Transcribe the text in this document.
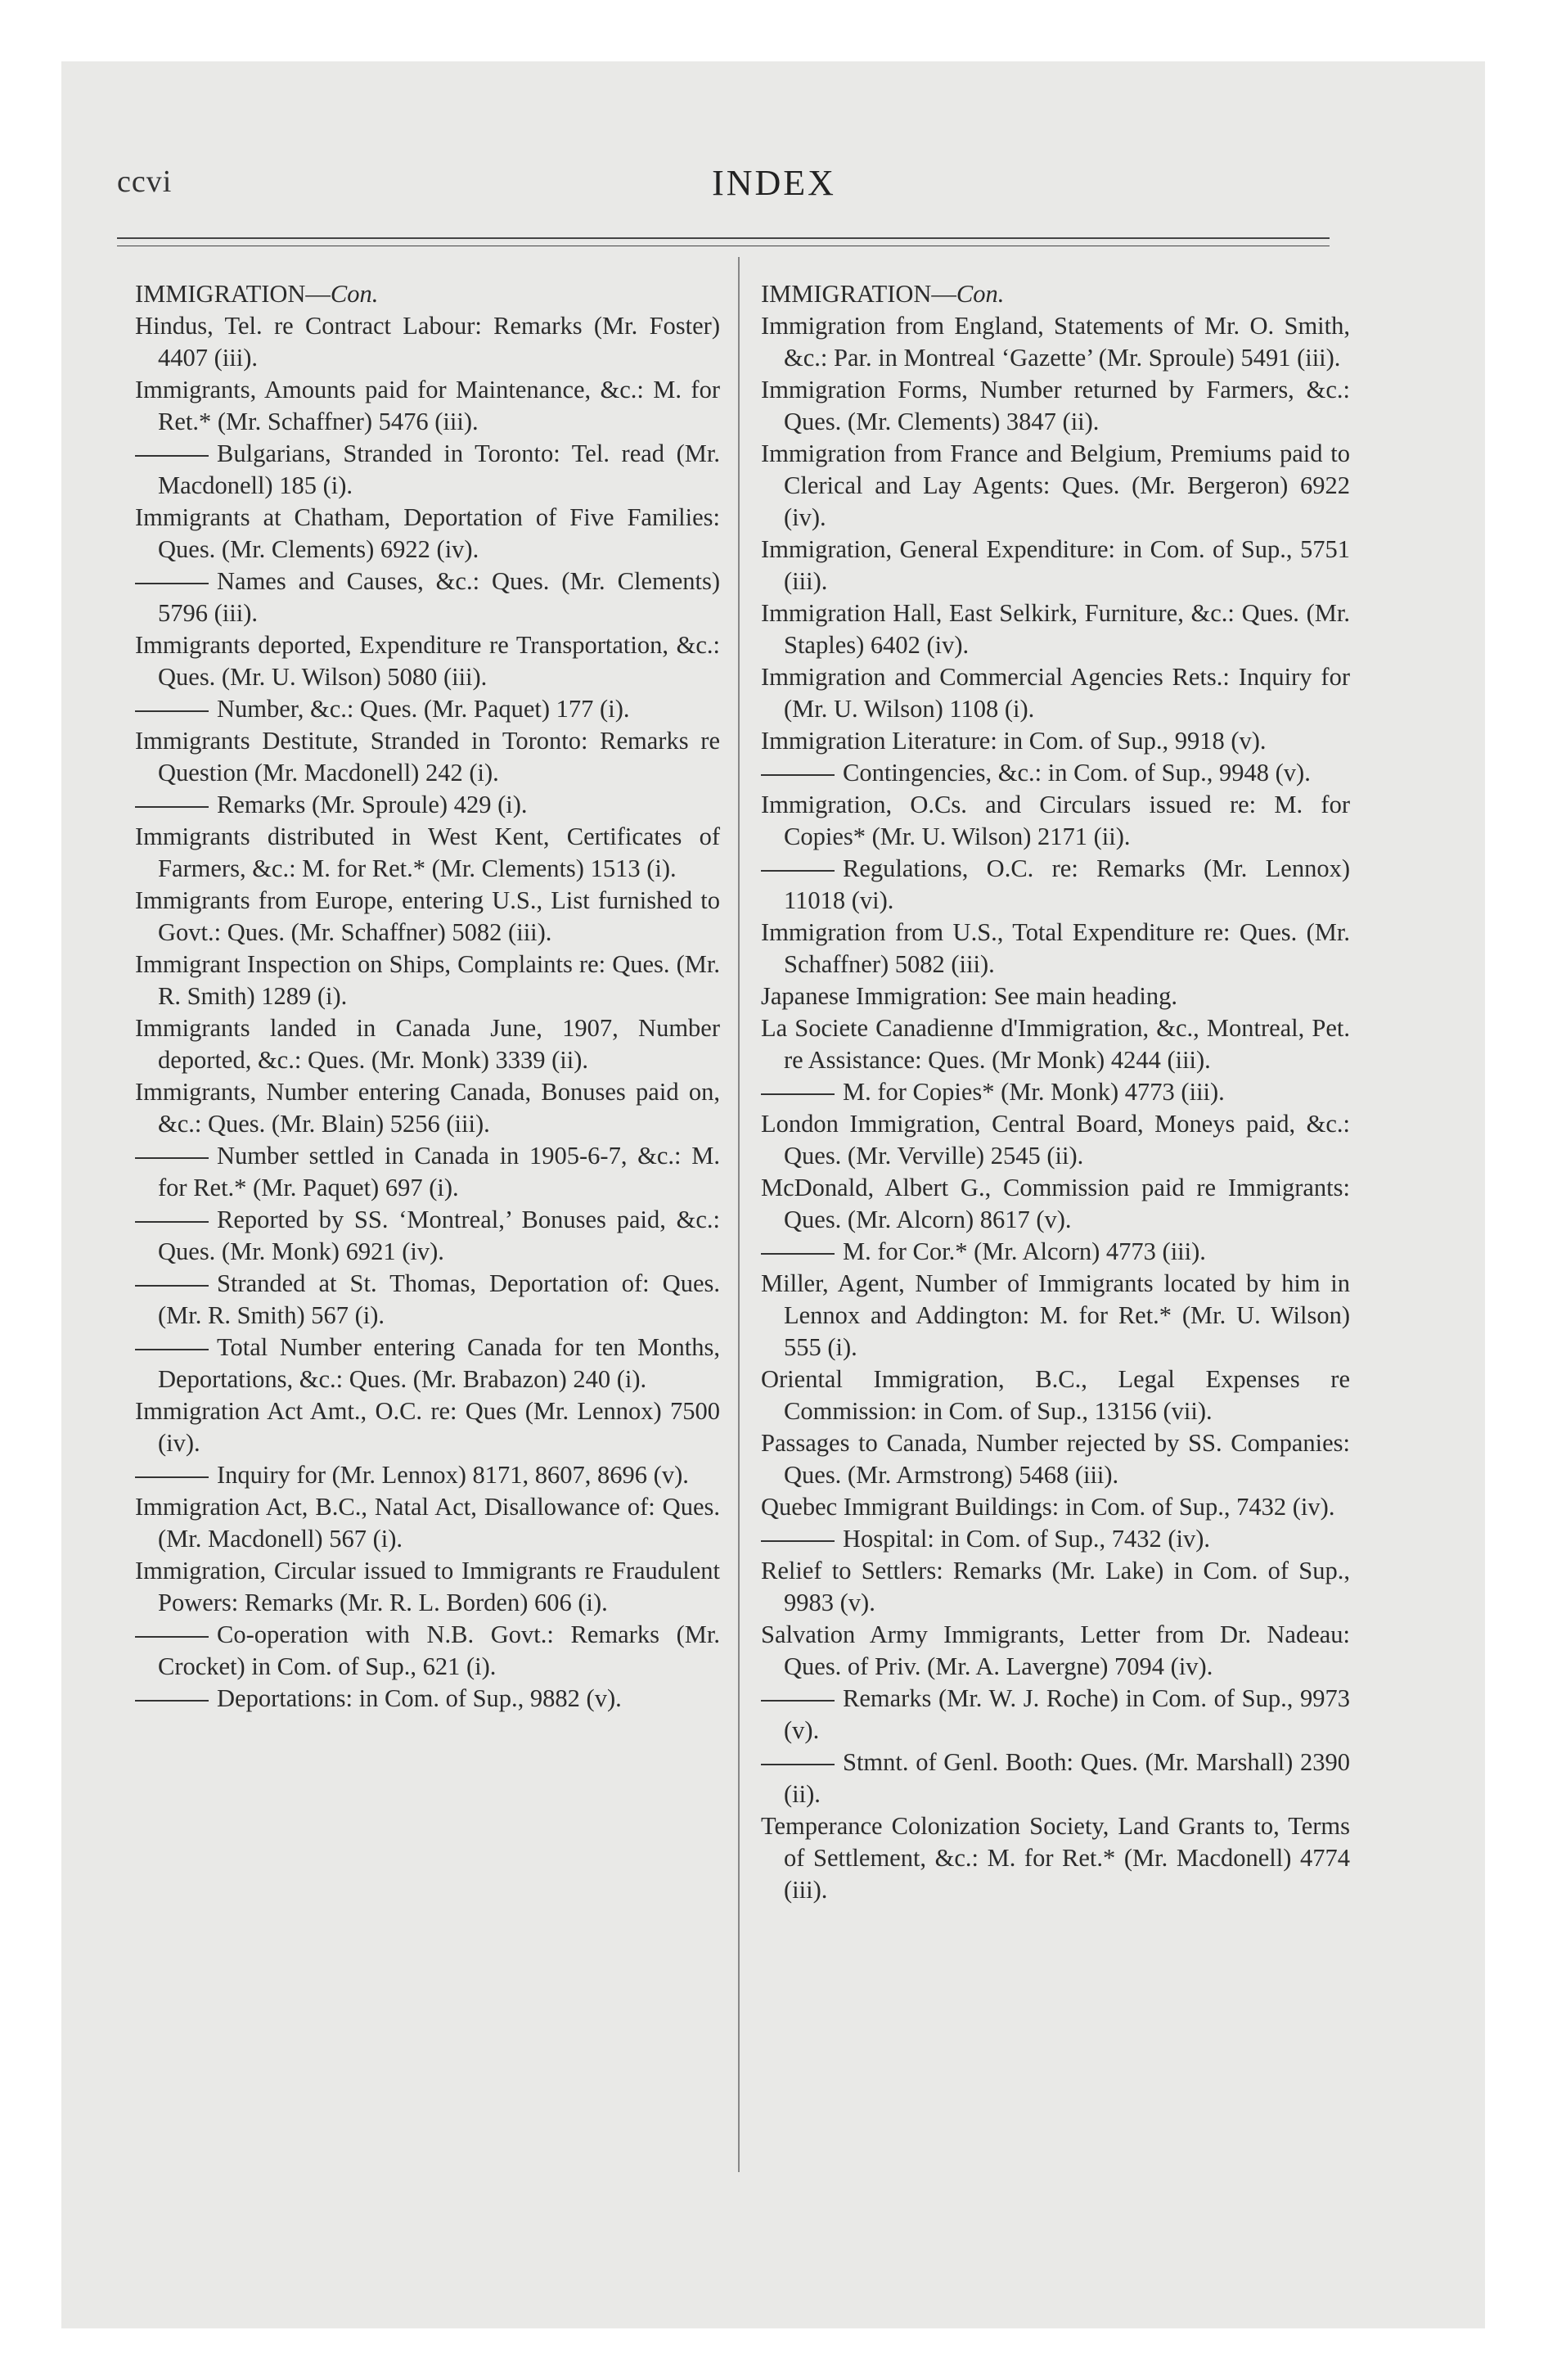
ccvi	INDEX
IMMIGRATION—Con.
Hindus, Tel. re Contract Labour: Remarks (Mr. Foster) 4407 (iii).
Immigrants, Amounts paid for Maintenance, &c.: M. for Ret.* (Mr. Schaffner) 5476 (iii).
Bulgarians, Stranded in Toronto: Tel. read (Mr. Macdonell) 185 (i).
Immigrants at Chatham, Deportation of Five Families: Ques. (Mr. Clements) 6922 (iv).
Names and Causes, &c.: Ques. (Mr. Clements) 5796 (iii).
Immigrants deported, Expenditure re Transportation, &c.: Ques. (Mr. U. Wilson) 5080 (iii).
Number, &c.: Ques. (Mr. Paquet) 177 (i).
Immigrants Destitute, Stranded in Toronto: Remarks re Question (Mr. Macdonell) 242 (i).
Remarks (Mr. Sproule) 429 (i).
Immigrants distributed in West Kent, Certificates of Farmers, &c.: M. for Ret.* (Mr. Clements) 1513 (i).
Immigrants from Europe, entering U.S., List furnished to Govt.: Ques. (Mr. Schaffner) 5082 (iii).
Immigrant Inspection on Ships, Complaints re: Ques. (Mr. R. Smith) 1289 (i).
Immigrants landed in Canada June, 1907, Number deported, &c.: Ques. (Mr. Monk) 3339 (ii).
Immigrants, Number entering Canada, Bonuses paid on, &c.: Ques. (Mr. Blain) 5256 (iii).
Number settled in Canada in 1905-6-7, &c.: M. for Ret.* (Mr. Paquet) 697 (i).
Reported by SS. ‘Montreal,’ Bonuses paid, &c.: Ques. (Mr. Monk) 6921 (iv).
Stranded at St. Thomas, Deportation of: Ques. (Mr. R. Smith) 567 (i).
Total Number entering Canada for ten Months, Deportations, &c.: Ques. (Mr. Brabazon) 240 (i).
Immigration Act Amt., O.C. re: Ques (Mr. Lennox) 7500 (iv).
Inquiry for (Mr. Lennox) 8171, 8607, 8696 (v).
Immigration Act, B.C., Natal Act, Disallowance of: Ques. (Mr. Macdonell) 567 (i).
Immigration, Circular issued to Immigrants re Fraudulent Powers: Remarks (Mr. R. L. Borden) 606 (i).
Co-operation with N.B. Govt.: Remarks (Mr. Crocket) in Com. of Sup., 621 (i).
Deportations: in Com. of Sup., 9882 (v).
IMMIGRATION—Con.
Immigration from England, Statements of Mr. O. Smith, &c.: Par. in Montreal ‘Gazette’ (Mr. Sproule) 5491 (iii).
Immigration Forms, Number returned by Farmers, &c.: Ques. (Mr. Clements) 3847 (ii).
Immigration from France and Belgium, Premiums paid to Clerical and Lay Agents: Ques. (Mr. Bergeron) 6922 (iv).
Immigration, General Expenditure: in Com. of Sup., 5751 (iii).
Immigration Hall, East Selkirk, Furniture, &c.: Ques. (Mr. Staples) 6402 (iv).
Immigration and Commercial Agencies Rets.: Inquiry for (Mr. U. Wilson) 1108 (i).
Immigration Literature: in Com. of Sup., 9918 (v).
Contingencies, &c.: in Com. of Sup., 9948 (v).
Immigration, O.Cs. and Circulars issued re: M. for Copies* (Mr. U. Wilson) 2171 (ii).
Regulations, O.C. re: Remarks (Mr. Lennox) 11018 (vi).
Immigration from U.S., Total Expenditure re: Ques. (Mr. Schaffner) 5082 (iii).
Japanese Immigration: See main heading.
La Societe Canadienne d'Immigration, &c., Montreal, Pet. re Assistance: Ques. (Mr Monk) 4244 (iii).
M. for Copies* (Mr. Monk) 4773 (iii).
London Immigration, Central Board, Moneys paid, &c.: Ques. (Mr. Verville) 2545 (ii).
McDonald, Albert G., Commission paid re Immigrants: Ques. (Mr. Alcorn) 8617 (v).
M. for Cor.* (Mr. Alcorn) 4773 (iii).
Miller, Agent, Number of Immigrants located by him in Lennox and Addington: M. for Ret.* (Mr. U. Wilson) 555 (i).
Oriental Immigration, B.C., Legal Expenses re Commission: in Com. of Sup., 13156 (vii).
Passages to Canada, Number rejected by SS. Companies: Ques. (Mr. Armstrong) 5468 (iii).
Quebec Immigrant Buildings: in Com. of Sup., 7432 (iv).
Hospital: in Com. of Sup., 7432 (iv).
Relief to Settlers: Remarks (Mr. Lake) in Com. of Sup., 9983 (v).
Salvation Army Immigrants, Letter from Dr. Nadeau: Ques. of Priv. (Mr. A. Lavergne) 7094 (iv).
Remarks (Mr. W. J. Roche) in Com. of Sup., 9973 (v).
Stmnt. of Genl. Booth: Ques. (Mr. Marshall) 2390 (ii).
Temperance Colonization Society, Land Grants to, Terms of Settlement, &c.: M. for Ret.* (Mr. Macdonell) 4774 (iii).
